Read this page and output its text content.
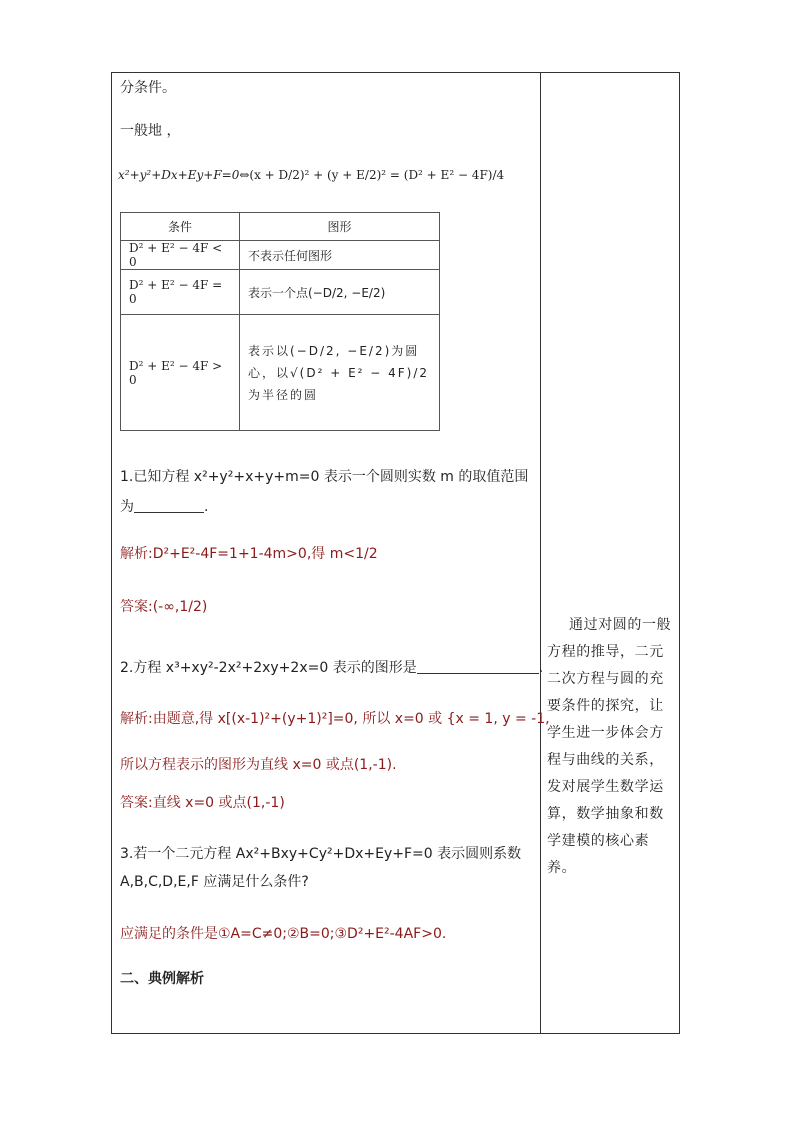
分条件。
一般地 ，
x²+y²+Dx+Ey+F=0⇔(x + D/2)² + (y + E/2)² = (D² + E² − 4F)/4
条件	图形
D² + E² − 4F < 0	不表示任何图形
D² + E² − 4F = 0	表示一个点(−D/2, −E/2)
D² + E² − 4F > 0	表示以(−D/2, −E/2)为圆心，以√(D² + E² − 4F)/2为半径的圆
1.已知方程 x²+y²+x+y+m=0 表示一个圆则实数 m 的取值范围
为	.
解析:D²+E²-4F=1+1-4m>0,得 m<1/2
答案:(-∞,1/2)
2.方程 x³+xy²-2x²+2xy+2x=0 表示的图形是	.
解析:由题意,得 x[(x-1)²+(y+1)²]=0, 所以 x=0 或 {x = 1, y = -1,
所以方程表示的图形为直线 x=0 或点(1,-1).
答案:直线 x=0 或点(1,-1)
3.若一个二元方程 Ax²+Bxy+Cy²+Dx+Ey+F=0 表示圆则系数
A,B,C,D,E,F 应满足什么条件?
应满足的条件是①A=C≠0;②B=0;③D²+E²-4AF>0.
二、典例解析
通过对圆的一般方程的推导，二元二次方程与圆的充要条件的探究，让学生进一步体会方程与曲线的关系，发对展学生数学运算，数学抽象和数学建模的核心素养。
